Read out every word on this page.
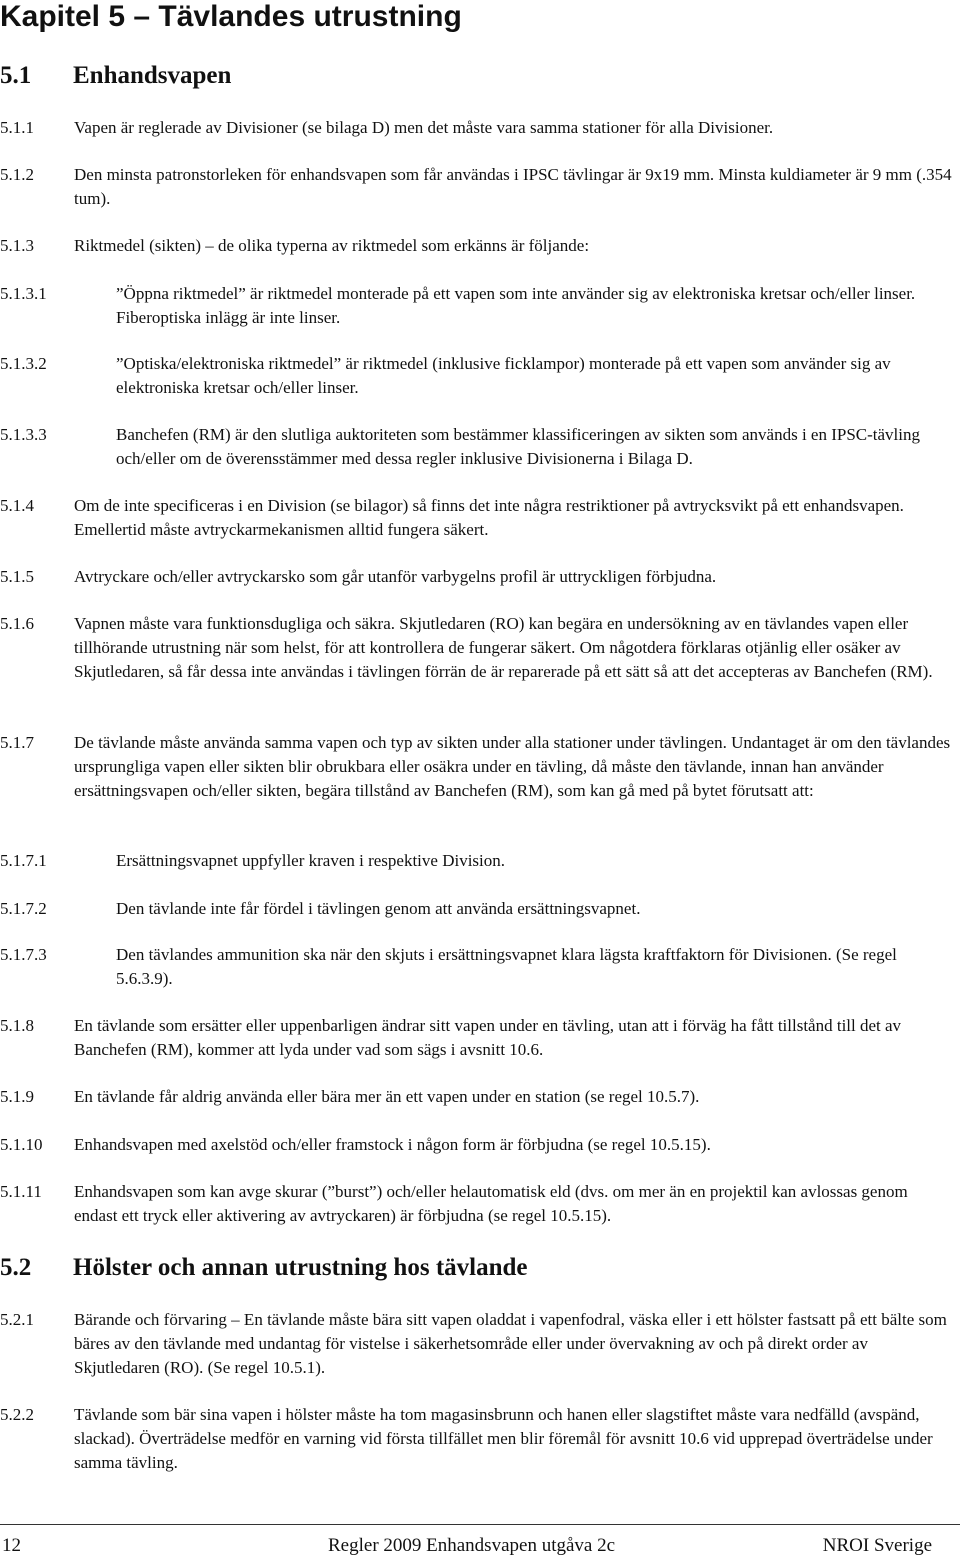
Kapitel 5 – Tävlandes utrustning
5.1 Enhandsvapen
5.1.1 Vapen är reglerade av Divisioner (se bilaga D) men det måste vara samma stationer för alla Divisioner.
5.1.2 Den minsta patronstorleken för enhandsvapen som får användas i IPSC tävlingar är 9x19 mm. Minsta kuldiameter är 9 mm (.354 tum).
5.1.3 Riktmedel (sikten) – de olika typerna av riktmedel som erkänns är följande:
5.1.3.1	”Öppna riktmedel” är riktmedel monterade på ett vapen som inte använder sig av elektroniska kretsar och/eller linser. Fiberoptiska inlägg är inte linser.
5.1.3.2	”Optiska/elektroniska riktmedel” är riktmedel (inklusive ficklampor) monterade på ett vapen som använder sig av elektroniska kretsar och/eller linser.
5.1.3.3	Banchefen (RM) är den slutliga auktoriteten som bestämmer klassificeringen av sikten som används i en IPSC-tävling och/eller om de överensstämmer med dessa regler inklusive Divisionerna i Bilaga D.
5.1.4 Om de inte specificeras i en Division (se bilagor) så finns det inte några restriktioner på avtrycksvikt på ett enhandsvapen. Emellertid måste avtryckarmekanismen alltid fungera säkert.
5.1.5 Avtryckare och/eller avtryckarsko som går utanför varbygelns profil är uttryckligen förbjudna.
5.1.6 Vapnen måste vara funktionsdugliga och säkra. Skjutledaren (RO) kan begära en undersökning av en tävlandes vapen eller tillhörande utrustning när som helst, för att kontrollera de fungerar säkert. Om någotdera förklaras otjänlig eller osäker av Skjutledaren, så får dessa inte användas i tävlingen förrän de är reparerade på ett sätt så att det accepteras av Banchefen (RM).
5.1.7 De tävlande måste använda samma vapen och typ av sikten under alla stationer under tävlingen. Undantaget är om den tävlandes ursprungliga vapen eller sikten blir obrukbara eller osäkra under en tävling, då måste den tävlande, innan han använder ersättningsvapen och/eller sikten, begära tillstånd av Banchefen (RM), som kan gå med på bytet förutsatt att:
5.1.7.1	Ersättningsvapnet uppfyller kraven i respektive Division.
5.1.7.2	Den tävlande inte får fördel i tävlingen genom att använda ersättningsvapnet.
5.1.7.3	Den tävlandes ammunition ska när den skjuts i ersättningsvapnet klara lägsta kraftfaktorn för Divisionen. (Se regel 5.6.3.9).
5.1.8 En tävlande som ersätter eller uppenbarligen ändrar sitt vapen under en tävling, utan att i förväg ha fått tillstånd till det av Banchefen (RM), kommer att lyda under vad som sägs i avsnitt 10.6.
5.1.9 En tävlande får aldrig använda eller bära mer än ett vapen under en station (se regel 10.5.7).
5.1.10 Enhandsvapen med axelstöd och/eller framstock i någon form är förbjudna (se regel 10.5.15).
5.1.11 Enhandsvapen som kan avge skurar (”burst”) och/eller helautomatisk eld (dvs. om mer än en projektil kan avlossas genom endast ett tryck eller aktivering av avtryckaren) är förbjudna (se regel 10.5.15).
5.2 Hölster och annan utrustning hos tävlande
5.2.1 Bärande och förvaring – En tävlande måste bära sitt vapen oladdat i vapenfodral, väska eller i ett hölster fastsatt på ett bälte som bäres av den tävlande med undantag för vistelse i säkerhetsområde eller under övervakning av och på direkt order av Skjutledaren (RO). (Se regel 10.5.1).
5.2.2 Tävlande som bär sina vapen i hölster måste ha tom magasinsbrunn och hanen eller slagstiftet måste vara nedfälld (avspänd, slackad). Överträdelse medför en varning vid första tillfället men blir föremål för avsnitt 10.6 vid upprepad överträdelse under samma tävling.
12	Regler 2009 Enhandsvapen utgåva 2c	NROI Sverige
